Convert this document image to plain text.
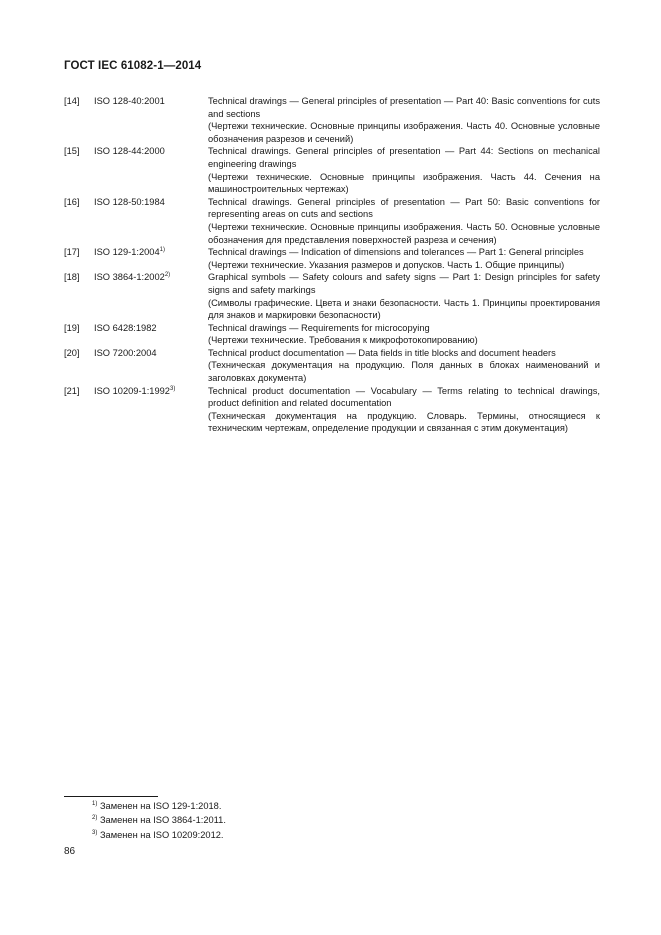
ГОСТ IEC 61082-1—2014
[14]	ISO 128-40:2001	Technical drawings — General principles of presentation — Part 40: Basic conventions for cuts and sections
(Чертежи технические. Основные принципы изображения. Часть 40. Основные условные обозначения разрезов и сечений)
[15]	ISO 128-44:2000	Technical drawings. General principles of presentation — Part 44: Sections on mechanical engineering drawings
(Чертежи технические. Основные принципы изображения. Часть 44. Сечения на машиностроительных чертежах)
[16]	ISO 128-50:1984	Technical drawings. General principles of presentation — Part 50: Basic conventions for representing areas on cuts and sections
(Чертежи технические. Основные принципы изображения. Часть 50. Основные условные обозначения для представления поверхностей разреза и сечения)
[17]	ISO 129-1:2004$^{1)}$	Technical drawings — Indication of dimensions and tolerances — Part 1: General principles
(Чертежи технические. Указания размеров и допусков. Часть 1. Общие принципы)
[18]	ISO 3864-1:2002$^{2)}$	Graphical symbols — Safety colours and safety signs — Part 1: Design principles for safety signs and safety markings
(Символы графические. Цвета и знаки безопасности. Часть 1. Принципы проектирования для знаков и маркировки безопасности)
[19]	ISO 6428:1982	Technical drawings — Requirements for microcopying
(Чертежи технические. Требования к микрофотокопированию)
[20]	ISO 7200:2004	Technical product documentation — Data fields in title blocks and document headers
(Техническая документация на продукцию. Поля данных в блоках наименований и заголовках документа)
[21]	ISO 10209-1:1992$^{3)}$	Technical product documentation — Vocabulary — Terms relating to technical drawings, product definition and related documentation
(Техническая документация на продукцию. Словарь. Термины, относящиеся к техническим чертежам, определение продукции и связанная с этим документация)
$^{1)}$ Заменен на ISO 129-1:2018.
$^{2)}$ Заменен на ISO 3864-1:2011.
$^{3)}$ Заменен на ISO 10209:2012.
86
